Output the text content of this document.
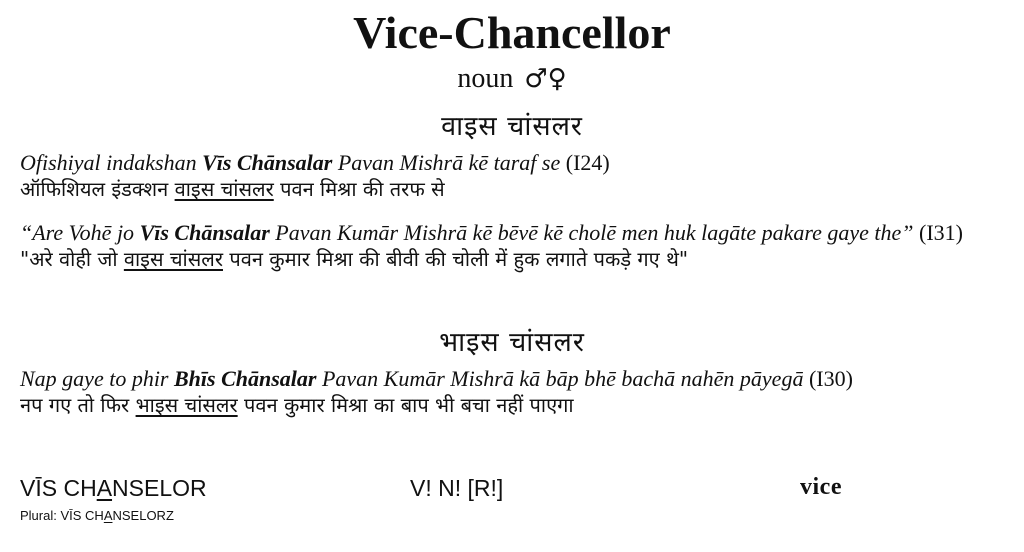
Vice-Chancellor
noun ♂♀
वाइस चांसलर
Ofishiyal indakshan Vīs Chānsalar Pavan Mishrā kē taraf se (I24)
ऑफिशियल इंडक्शन वाइस चांसलर पवन मिश्रा की तरफ से
“Are Vohē jo Vīs Chānsalar Pavan Kumār Mishrā kē bēvē kē cholē men huk lagāte pakare gaye the” (I31)
"अरे वोही जो वाइस चांसलर पवन कुमार मिश्रा की बीवी की चोली में हुक लगाते पकड़े गए थे"
भाइस चांसलर
Nap gaye to phir Bhīs Chānsalar Pavan Kumār Mishrā kā bāp bhē bachā nahēn pāyegā (I30)
नप गए तो फिर भाइस चांसलर पवन कुमार मिश्रा का बाप भी बचा नहीं पाएगा
VĪS CHANSELOR	V! N! [R!]	vice
Plural: VĪS CHANSELORZ
